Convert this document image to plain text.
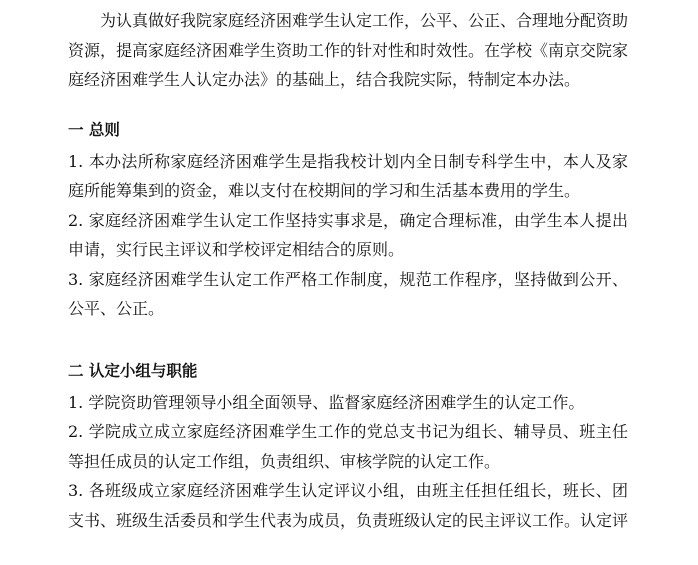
为认真做好我院家庭经济困难学生认定工作，公平、公正、合理地分配资助资源，提高家庭经济困难学生资助工作的针对性和时效性。在学校《南京交院家庭经济困难学生人认定办法》的基础上，结合我院实际，特制定本办法。

一 总则

1. 本办法所称家庭经济困难学生是指我校计划内全日制专科学生中，本人及家庭所能筹集到的资金，难以支付在校期间的学习和生活基本费用的学生。

2. 家庭经济困难学生认定工作坚持实事求是，确定合理标准，由学生本人提出申请，实行民主评议和学校评定相结合的原则。

3. 家庭经济困难学生认定工作严格工作制度，规范工作程序，坚持做到公开、公平、公正。

二 认定小组与职能

1. 学院资助管理领导小组全面领导、监督家庭经济困难学生的认定工作。

2. 学院成立成立家庭经济困难学生工作的党总支书记为组长、辅导员、班主任等担任成员的认定工作组，负责组织、审核学院的认定工作。

3. 各班级成立家庭经济困难学生认定评议小组，由班主任担任组长，班长、团支书、班级生活委员和学生代表为成员，负责班级认定的民主评议工作。认定评
